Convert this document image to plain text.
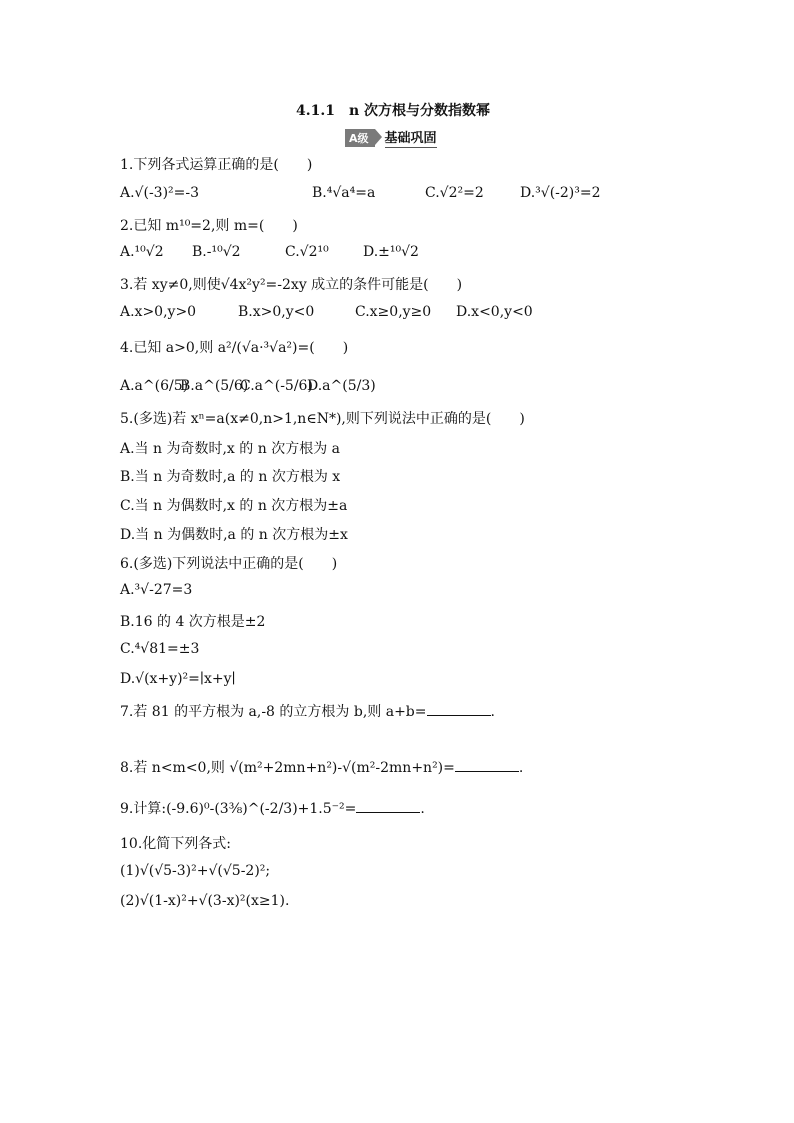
4.1.1　n 次方根与分数指数幂
A级	基础巩固
1.下列各式运算正确的是(　　)
A.√(-3)²=-3	B.⁴√a⁴=a	C.√2²=2	D.³√(-2)³=2
2.已知 m¹⁰=2,则 m=(　　)
A.¹⁰√2 B.-¹⁰√2	C.√2¹⁰ D.±¹⁰√2
3.若 xy≠0,则使√4x²y²=-2xy 成立的条件可能是(　　)
A.x>0,y>0	B.x>0,y<0	C.x≥0,y≥0 D.x<0,y<0
4.已知 a>0,则 a²/(√a·³√a²)=(　　)
A.a^(6/5)
B.a^(5/6)
C.a^(-5/6)
D.a^(5/3)
5.(多选)若 xⁿ=a(x≠0,n>1,n∈N*),则下列说法中正确的是(　　)
A.当 n 为奇数时,x 的 n 次方根为 a
B.当 n 为奇数时,a 的 n 次方根为 x
C.当 n 为偶数时,x 的 n 次方根为±a
D.当 n 为偶数时,a 的 n 次方根为±x
6.(多选)下列说法中正确的是(　　)
A.³√-27=3
B.16 的 4 次方根是±2
C.⁴√81=±3
D.√(x+y)²=∣x+y∣
7.若 81 的平方根为 a,-8 的立方根为 b,则 a+b=	.
8.若 n<m<0,则 √(m²+2mn+n²)-√(m²-2mn+n²)=	.
9.计算:(-9.6)⁰-(3⅜)^(-2/3)+1.5⁻²=	.
10.化简下列各式:
(1)√(√5-3)²+√(√5-2)²;
(2)√(1-x)²+√(3-x)²(x≥1).
